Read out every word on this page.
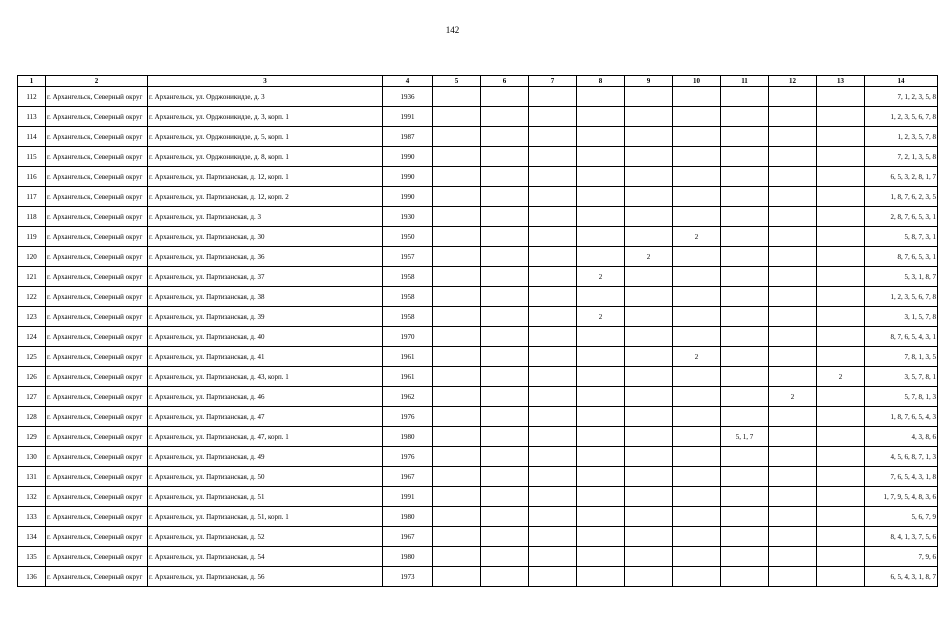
142
1	2	3	4	5	6	7	8	9	10	11	12	13	14
112	г. Архангельск, Северный округ	г. Архангельск, ул. Орджоникидзе, д. 3	1936										7, 1, 2, 3, 5, 8
113	г. Архангельск, Северный округ	г. Архангельск, ул. Орджоникидзе, д. 3, корп. 1	1991										1, 2, 3, 5, 6, 7, 8
114	г. Архангельск, Северный округ	г. Архангельск, ул. Орджоникидзе, д. 5, корп. 1	1987										1, 2, 3, 5, 7, 8
115	г. Архангельск, Северный округ	г. Архангельск, ул. Орджоникидзе, д. 8, корп. 1	1990										7, 2, 1, 3, 5, 8
116	г. Архангельск, Северный округ	г. Архангельск, ул. Партизанская, д. 12, корп. 1	1990										6, 5, 3, 2, 8, 1, 7
117	г. Архангельск, Северный округ	г. Архангельск, ул. Партизанская, д. 12, корп. 2	1990										1, 8, 7, 6, 2, 3, 5
118	г. Архангельск, Северный округ	г. Архангельск, ул. Партизанская, д. 3	1930										2, 8, 7, 6, 5, 3, 1
119	г. Архангельск, Северный округ	г. Архангельск, ул. Партизанская, д. 30	1950						2				5, 8, 7, 3, 1
120	г. Архангельск, Северный округ	г. Архангельск, ул. Партизанская, д. 36	1957					2					8, 7, 6, 5, 3, 1
121	г. Архангельск, Северный округ	г. Архангельск, ул. Партизанская, д. 37	1958				2						5, 3, 1, 8, 7
122	г. Архангельск, Северный округ	г. Архангельск, ул. Партизанская, д. 38	1958										1, 2, 3, 5, 6, 7, 8
123	г. Архангельск, Северный округ	г. Архангельск, ул. Партизанская, д. 39	1958				2						3, 1, 5, 7, 8
124	г. Архангельск, Северный округ	г. Архангельск, ул. Партизанская, д. 40	1970										8, 7, 6, 5, 4, 3, 1
125	г. Архангельск, Северный округ	г. Архангельск, ул. Партизанская, д. 41	1961						2				7, 8, 1, 3, 5
126	г. Архангельск, Северный округ	г. Архангельск, ул. Партизанская, д. 43, корп. 1	1961									2	3, 5, 7, 8, 1
127	г. Архангельск, Северный округ	г. Архангельск, ул. Партизанская, д. 46	1962								2		5, 7, 8, 1, 3
128	г. Архангельск, Северный округ	г. Архангельск, ул. Партизанская, д. 47	1976										1, 8, 7, 6, 5, 4, 3
129	г. Архангельск, Северный округ	г. Архангельск, ул. Партизанская, д. 47, корп. 1	1980							5, 1, 7			4, 3, 8, 6
130	г. Архангельск, Северный округ	г. Архангельск, ул. Партизанская, д. 49	1976										4, 5, 6, 8, 7, 1, 3
131	г. Архангельск, Северный округ	г. Архангельск, ул. Партизанская, д. 50	1967										7, 6, 5, 4, 3, 1, 8
132	г. Архангельск, Северный округ	г. Архангельск, ул. Партизанская, д. 51	1991										1, 7, 9, 5, 4, 8, 3, 6
133	г. Архангельск, Северный округ	г. Архангельск, ул. Партизанская, д. 51, корп. 1	1980										5, 6, 7, 9
134	г. Архангельск, Северный округ	г. Архангельск, ул. Партизанская, д. 52	1967										8, 4, 1, 3, 7, 5, 6
135	г. Архангельск, Северный округ	г. Архангельск, ул. Партизанская, д. 54	1980										7, 9, 6
136	г. Архангельск, Северный округ	г. Архангельск, ул. Партизанская, д. 56	1973										6, 5, 4, 3, 1, 8, 7
